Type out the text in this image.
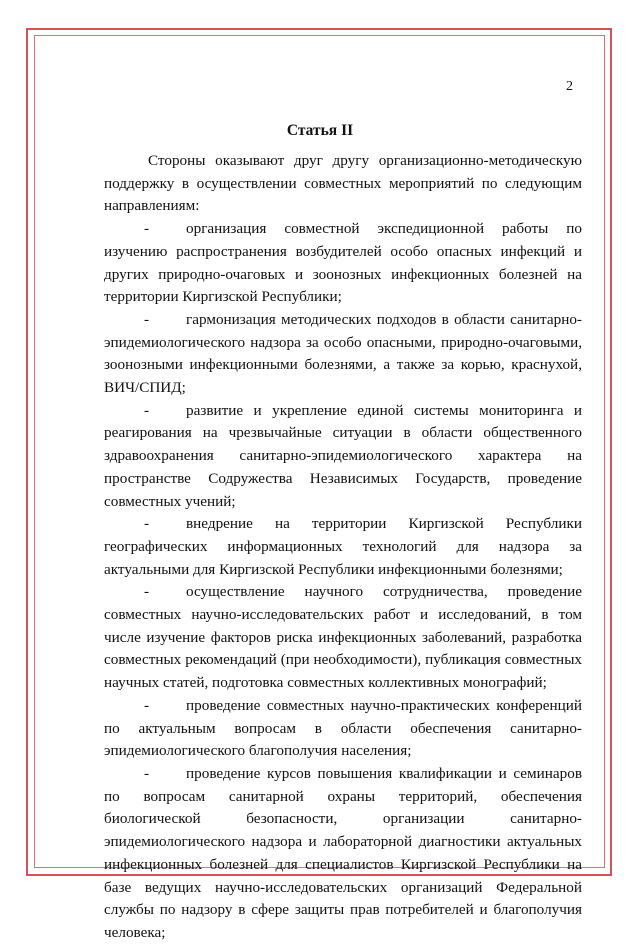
2
Статья II

Стороны оказывают друг другу организационно-методическую поддержку в осуществлении совместных мероприятий по следующим направлениям:

- организация совместной экспедиционной работы по изучению распространения возбудителей особо опасных инфекций и других природно-очаговых и зоонозных инфекционных болезней на территории Киргизской Республики;

- гармонизация методических подходов в области санитарно-эпидемиологического надзора за особо опасными, природно-очаговыми, зоонозными инфекционными болезнями, а также за корью, краснухой, ВИЧ/СПИД;

- развитие и укрепление единой системы мониторинга и реагирования на чрезвычайные ситуации в области общественного здравоохранения санитарно-эпидемиологического характера на пространстве Содружества Независимых Государств, проведение совместных учений;

- внедрение на территории Киргизской Республики географических информационных технологий для надзора за актуальными для Киргизской Республики инфекционными болезнями;

- осуществление научного сотрудничества, проведение совместных научно-исследовательских работ и исследований, в том числе изучение факторов риска инфекционных заболеваний, разработка совместных рекомендаций (при необходимости), публикация совместных научных статей, подготовка совместных коллективных монографий;

- проведение совместных научно-практических конференций по актуальным вопросам в области обеспечения санитарно-эпидемиологического благополучия населения;

- проведение курсов повышения квалификации и семинаров по вопросам санитарной охраны территорий, обеспечения биологической безопасности, организации санитарно-эпидемиологического надзора и лабораторной диагностики актуальных инфекционных болезней для специалистов Киргизской Республики на базе ведущих научно-исследовательских организаций Федеральной службы по надзору в сфере защиты прав потребителей и благополучия человека;
